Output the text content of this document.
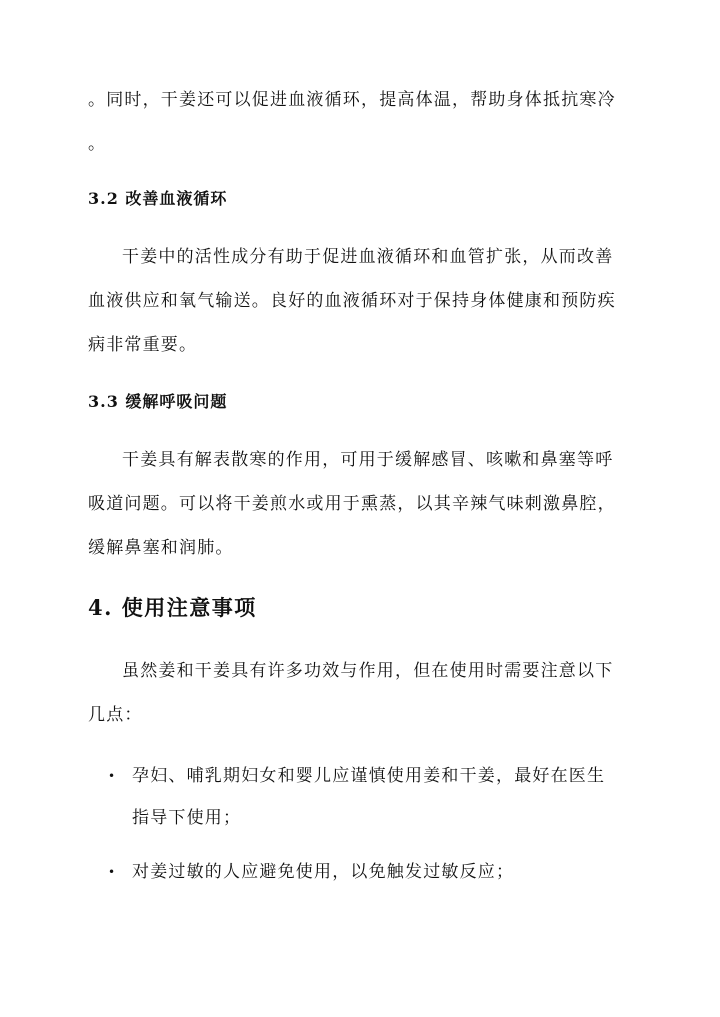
。同时，干姜还可以促进血液循环，提高体温，帮助身体抵抗寒冷
。
3.2 改善血液循环
干姜中的活性成分有助于促进血液循环和血管扩张，从而改善
血液供应和氧气输送。良好的血液循环对于保持身体健康和预防疾
病非常重要。
3.3 缓解呼吸问题
干姜具有解表散寒的作用，可用于缓解感冒、咳嗽和鼻塞等呼
吸道问题。可以将干姜煎水或用于熏蒸，以其辛辣气味刺激鼻腔，
缓解鼻塞和润肺。
4. 使用注意事项
虽然姜和干姜具有许多功效与作用，但在使用时需要注意以下
几点：
• 孕妇、哺乳期妇女和婴儿应谨慎使用姜和干姜，最好在医生
指导下使用；
• 对姜过敏的人应避免使用，以免触发过敏反应；
